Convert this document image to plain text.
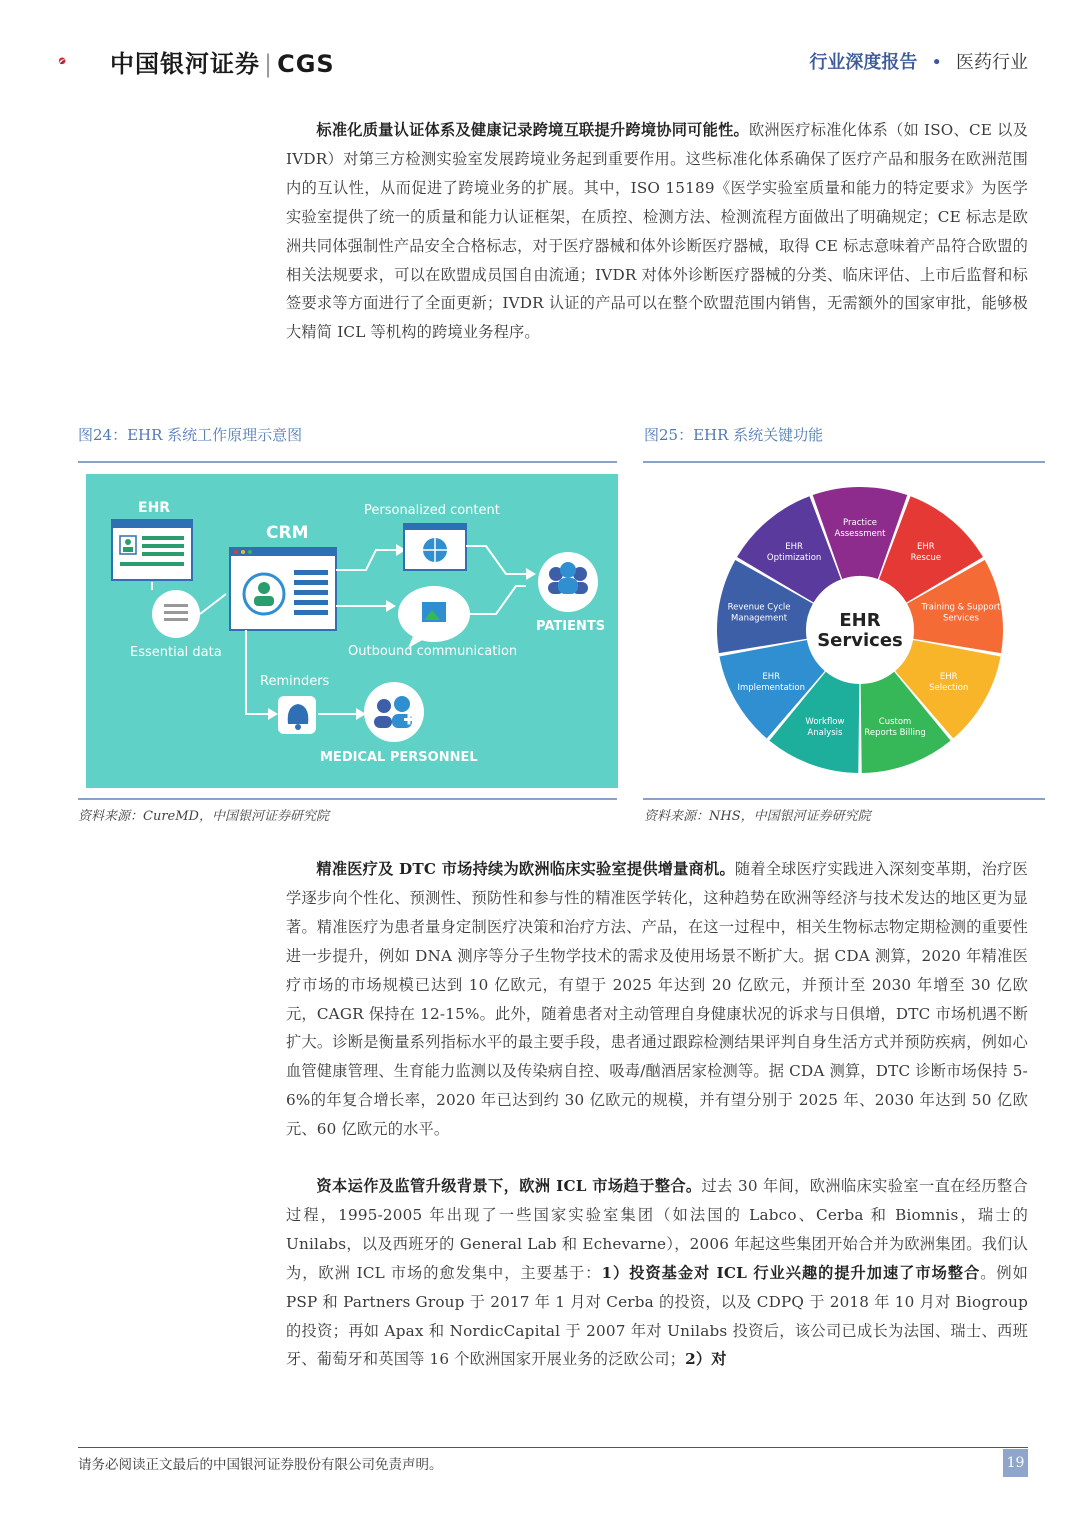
中国银河证券 | CGS	行业深度报告 • 医药行业
标准化质量认证体系及健康记录跨境互联提升跨境协同可能性。欧洲医疗标准化体系（如 ISO、CE 以及 IVDR）对第三方检测实验室发展跨境业务起到重要作用。这些标准化体系确保了医疗产品和服务在欧洲范围内的互认性，从而促进了跨境业务的扩展。其中，ISO 15189《医学实验室质量和能力的特定要求》为医学实验室提供了统一的质量和能力认证框架，在质控、检测方法、检测流程方面做出了明确规定；CE 标志是欧洲共同体强制性产品安全合格标志，对于医疗器械和体外诊断医疗器械，取得 CE 标志意味着产品符合欧盟的相关法规要求，可以在欧盟成员国自由流通；IVDR 对体外诊断医疗器械的分类、临床评估、上市后监督和标签要求等方面进行了全面更新；IVDR 认证的产品可以在整个欧盟范围内销售，无需额外的国家审批，能够极大精简 ICL 等机构的跨境业务程序。
图24：EHR 系统工作原理示意图
EHR
Essential data
CRM
Personalized content
Outbound communication
PATIENTS
Reminders
MEDICAL PERSONNEL
资料来源：CureMD，中国银河证券研究院
图25：EHR 系统关键功能
Practice
Assessment
EHR
Rescue
Training & Support
Services
EHR
Selection
Custom
Reports Billing
Workflow
Analysis
EHR
Implementation
Revenue Cycle
Management
EHR
Optimization
EHR
Services
资料来源：NHS，中国银河证券研究院
精准医疗及 DTC 市场持续为欧洲临床实验室提供增量商机。随着全球医疗实践进入深刻变革期，治疗医学逐步向个性化、预测性、预防性和参与性的精准医学转化，这种趋势在欧洲等经济与技术发达的地区更为显著。精准医疗为患者量身定制医疗决策和治疗方法、产品，在这一过程中，相关生物标志物定期检测的重要性进一步提升，例如 DNA 测序等分子生物学技术的需求及使用场景不断扩大。据 CDA 测算，2020 年精准医疗市场的市场规模已达到 10 亿欧元，有望于 2025 年达到 20 亿欧元，并预计至 2030 年增至 30 亿欧元，CAGR 保持在 12-15%。此外，随着患者对主动管理自身健康状况的诉求与日俱增，DTC 市场机遇不断扩大。诊断是衡量系列指标水平的最主要手段，患者通过跟踪检测结果评判自身生活方式并预防疾病，例如心血管健康管理、生育能力监测以及传染病自控、吸毒/酗酒居家检测等。据 CDA 测算，DTC 诊断市场保持 5-6%的年复合增长率，2020 年已达到约 30 亿欧元的规模，并有望分别于 2025 年、2030 年达到 50 亿欧元、60 亿欧元的水平。
资本运作及监管升级背景下，欧洲 ICL 市场趋于整合。过去 30 年间，欧洲临床实验室一直在经历整合过程，1995-2005 年出现了一些国家实验室集团（如法国的 Labco、Cerba 和 Biomnis，瑞士的 Unilabs，以及西班牙的 General Lab 和 Echevarne），2006 年起这些集团开始合并为欧洲集团。我们认为，欧洲 ICL 市场的愈发集中，主要基于：1）投资基金对 ICL 行业兴趣的提升加速了市场整合。例如 PSP 和 Partners Group 于 2017 年 1 月对 Cerba 的投资，以及 CDPQ 于 2018 年 10 月对 Biogroup 的投资；再如 Apax 和 NordicCapital 于 2007 年对 Unilabs 投资后，该公司已成长为法国、瑞士、西班牙、葡萄牙和英国等 16 个欧洲国家开展业务的泛欧公司；2）对
请务必阅读正文最后的中国银河证券股份有限公司免责声明。	19
